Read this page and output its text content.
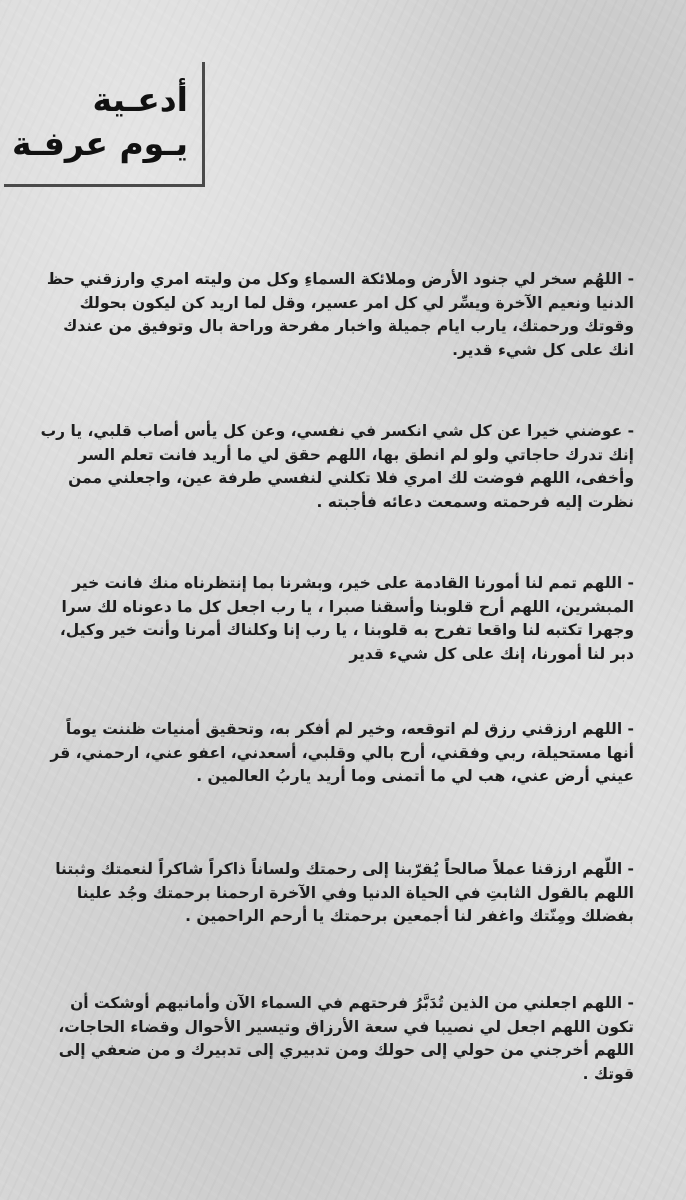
أدعـية
يـوم عرفـة

- اللهُم سخر لي جنود الأرض وملائكة السماءِ وكل من وليته امري وارزقني حظ الدنيا ونعيم الآخرة ويسِّر لي كل امر عسير، وقل لما اريد كن ليكون بحولك وقوتك ورحمتك، يارب ايام جميلة واخبار مفرحة وراحة بال وتوفيق من عندك انك على كل شيء قدير.

- عوضني خيرا عن كل شي انكسر في نفسي، وعن كل يأس أصاب قلبي، يا رب إنك تدرك حاجاتي ولو لم انطق بها، اللهم حقق لي ما أريد فانت تعلم السر وأخفى، اللهم فوضت لك امري فلا تكلني لنفسي طرفة عين، واجعلني ممن نظرت إليه فرحمته وسمعت دعائه فأجبته .

- اللهم تمم لنا أمورنا القادمة على خير، وبشرنا بما إنتظرناه منك فانت خير المبشرين، اللهم أرح قلوبنا وأسقنا صبرا ، يا رب اجعل كل ما دعوناه لك سرا وجهرا تكتبه لنا واقعا تفرح به قلوبنا ، يا رب إنا وكلناك أمرنا وأنت خير وكيل، دبر لنا أمورنا، إنك على كل شيء قدير

- اللهم ارزقني رزق لم اتوقعه، وخير لم أفكر به، وتحقيق أمنيات ظننت يوماً أنها مستحيلة، ربي وفقني، أرح بالي وقلبي، أسعدني، اعفو عني، ارحمني، قر عيني أرض عني، هب لي ما أتمنى وما أريد ياربُ العالمين .

- اللّهم ارزقنا عملاً صالحاً يُقرّبنا إلى رحمتك ولساناً ذاكراً شاكراً لنعمتك وثبتنا اللهم بالقول الثابتِ في الحياة الدنيا وفي الآخرة ارحمنا برحمتك وجُد علينا بفضلك ومِنّتك واغفر لنا أجمعين برحمتك يا أرحم الراحمين .

- اللهم اجعلني من الذين تُدَبَّرُ فرحتهم في السماء الآن وأمانيهم أوشكت أن تكون اللهم اجعل لي نصيبا في سعة الأرزاق وتيسير الأحوال وقضاء الحاجات، اللهم أخرجني من حولي إلى حولك ومن تدبيري إلى تدبيرك و من ضعفي إلى قوتك .
